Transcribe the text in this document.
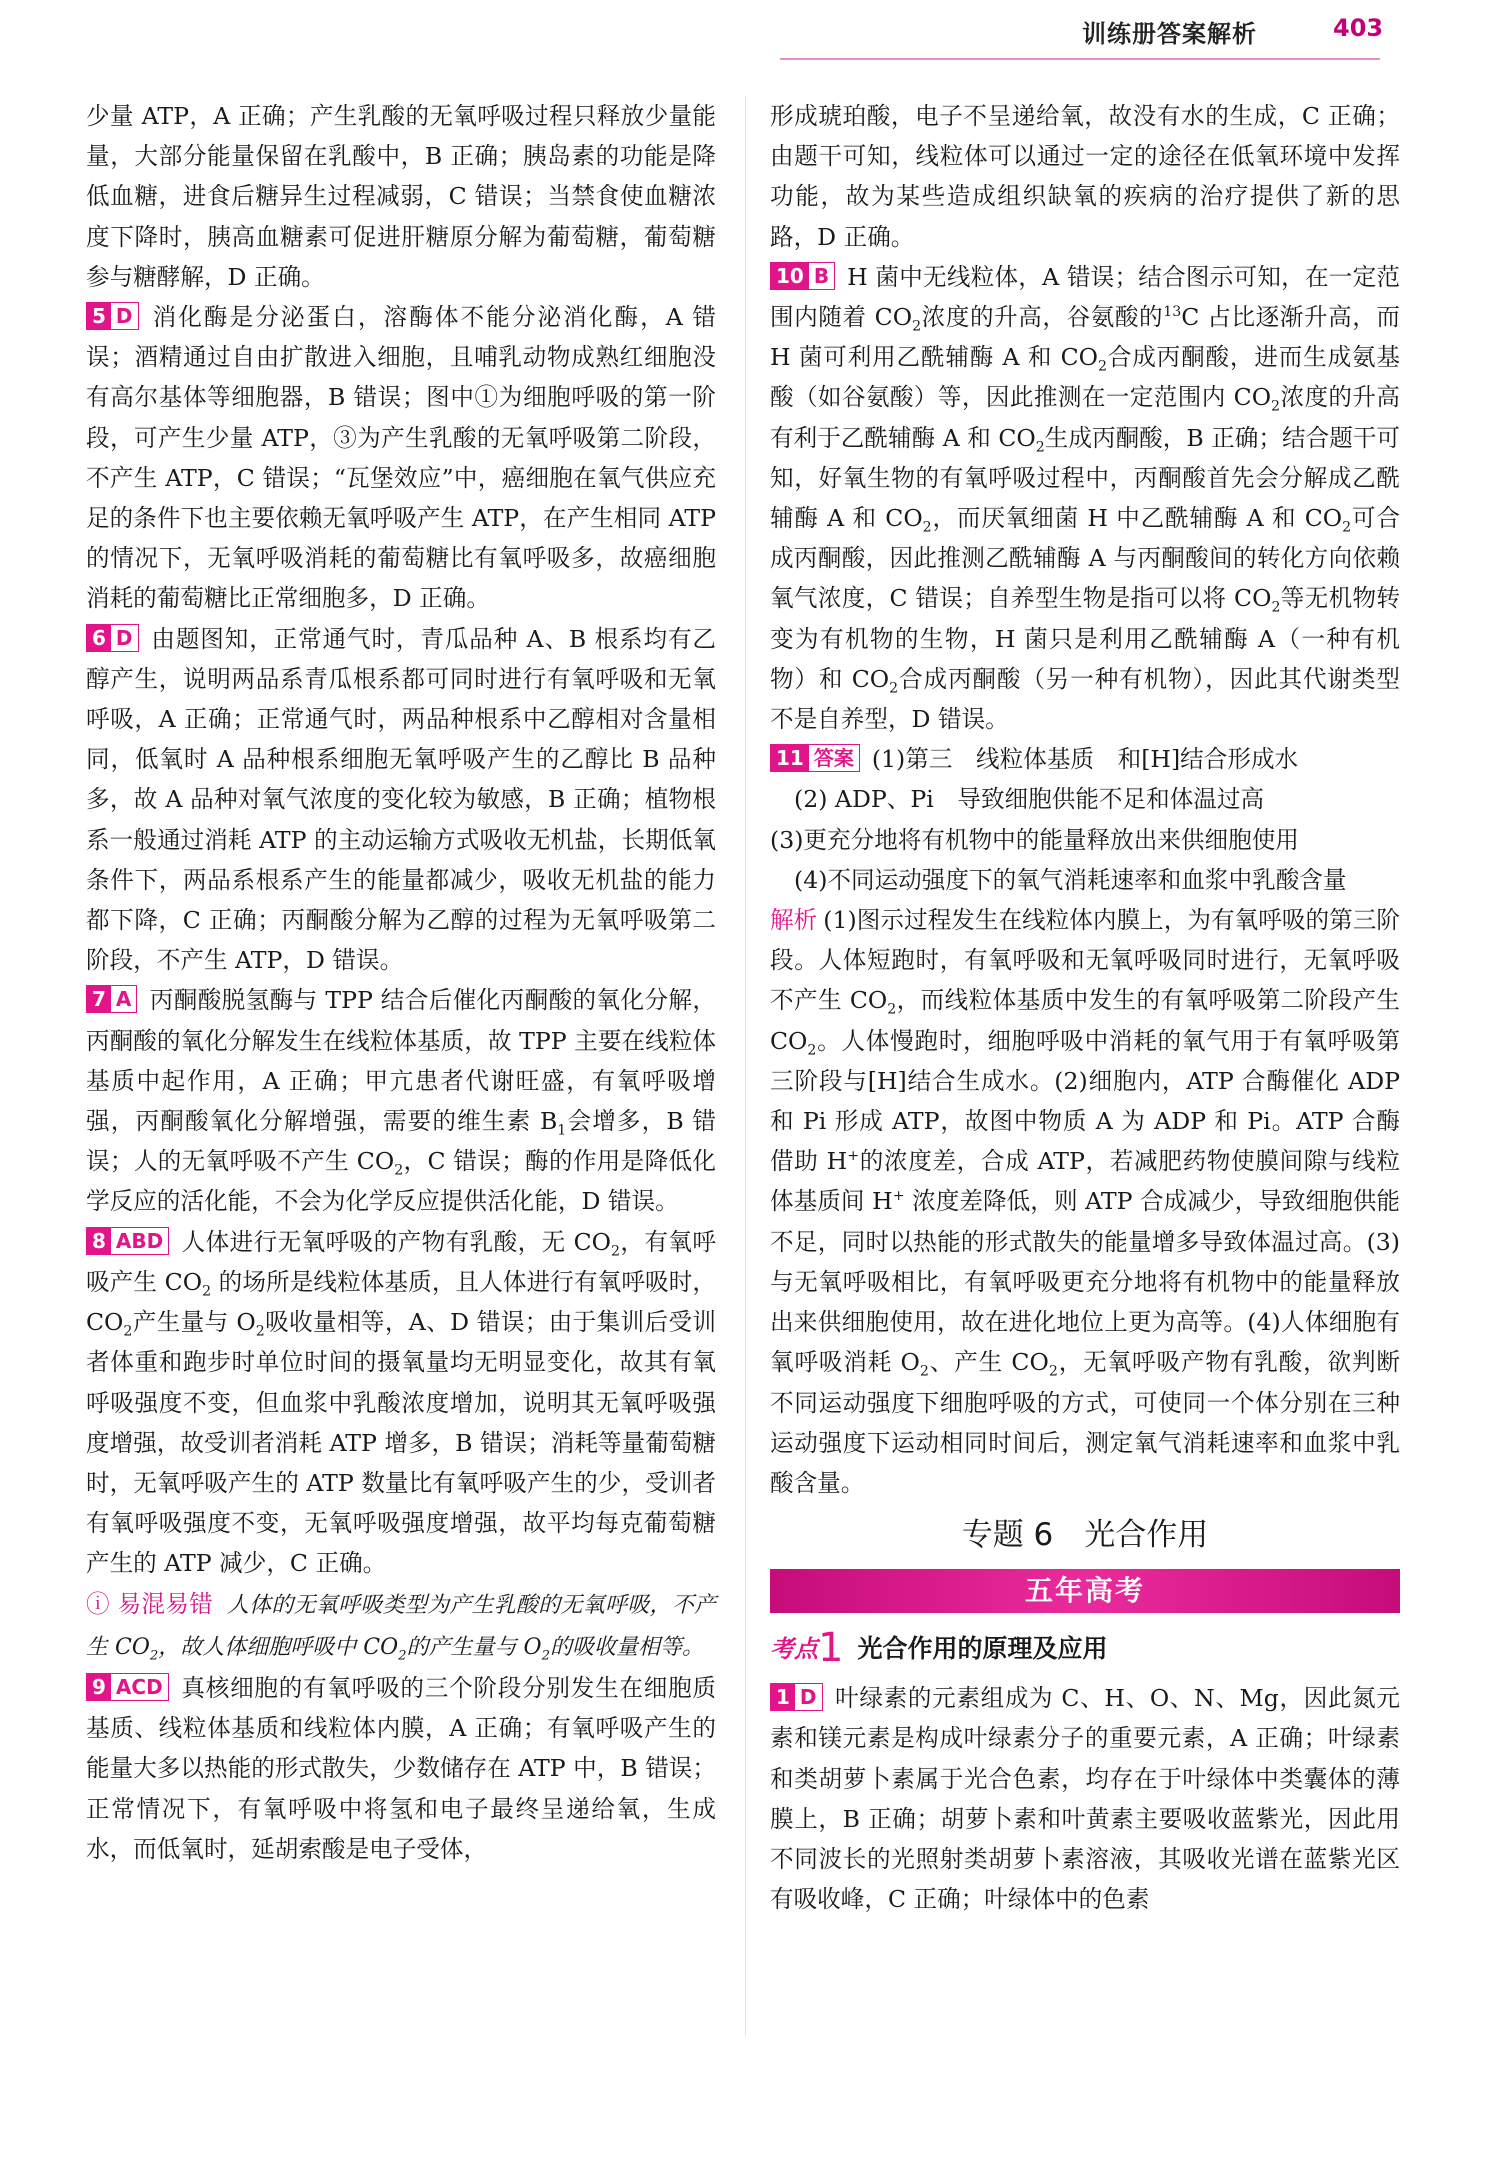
训练册答案解析	403

少量 ATP，A 正确；产生乳酸的无氧呼吸过程只释放少量能量，大部分能量保留在乳酸中，B 正确；胰岛素的功能是降低血糖，进食后糖异生过程减弱，C 错误；当禁食使血糖浓度下降时，胰高血糖素可促进肝糖原分解为葡萄糖，葡萄糖参与糖酵解，D 正确。

5 D 消化酶是分泌蛋白，溶酶体不能分泌消化酶，A 错误；酒精通过自由扩散进入细胞，且哺乳动物成熟红细胞没有高尔基体等细胞器，B 错误；图中①为细胞呼吸的第一阶段，可产生少量 ATP，③为产生乳酸的无氧呼吸第二阶段，不产生 ATP，C 错误；“瓦堡效应”中，癌细胞在氧气供应充足的条件下也主要依赖无氧呼吸产生 ATP，在产生相同 ATP 的情况下，无氧呼吸消耗的葡萄糖比有氧呼吸多，故癌细胞消耗的葡萄糖比正常细胞多，D 正确。

6 D 由题图知，正常通气时，青瓜品种 A、B 根系均有乙醇产生，说明两品系青瓜根系都可同时进行有氧呼吸和无氧呼吸，A 正确；正常通气时，两品种根系中乙醇相对含量相同，低氧时 A 品种根系细胞无氧呼吸产生的乙醇比 B 品种多，故 A 品种对氧气浓度的变化较为敏感，B 正确；植物根系一般通过消耗 ATP 的主动运输方式吸收无机盐，长期低氧条件下，两品系根系产生的能量都减少，吸收无机盐的能力都下降，C 正确；丙酮酸分解为乙醇的过程为无氧呼吸第二阶段，不产生 ATP，D 错误。

7 A 丙酮酸脱氢酶与 TPP 结合后催化丙酮酸的氧化分解，丙酮酸的氧化分解发生在线粒体基质，故 TPP 主要在线粒体基质中起作用，A 正确；甲亢患者代谢旺盛，有氧呼吸增强，丙酮酸氧化分解增强，需要的维生素 $B_1$会增多，B 错误；人的无氧呼吸不产生 $CO_2$，C 错误；酶的作用是降低化学反应的活化能，不会为化学反应提供活化能，D 错误。

8 ABD 人体进行无氧呼吸的产物有乳酸，无 $CO_2$，有氧呼吸产生 $CO_2$ 的场所是线粒体基质，且人体进行有氧呼吸时，$CO_2$产生量与 $O_2$吸收量相等，A、D 错误；由于集训后受训者体重和跑步时单位时间的摄氧量均无明显变化，故其有氧呼吸强度不变，但血浆中乳酸浓度增加，说明其无氧呼吸强度增强，故受训者消耗 ATP 增多，B 错误；消耗等量葡萄糖时，无氧呼吸产生的 ATP 数量比有氧呼吸产生的少，受训者有氧呼吸强度不变，无氧呼吸强度增强，故平均每克葡萄糖产生的 ATP 减少，C 正确。

ⓘ 易混易错 人体的无氧呼吸类型为产生乳酸的无氧呼吸，不产生 $CO_2$，故人体细胞呼吸中 $CO_2$的产生量与 $O_2$的吸收量相等。

9 ACD 真核细胞的有氧呼吸的三个阶段分别发生在细胞质基质、线粒体基质和线粒体内膜，A 正确；有氧呼吸产生的能量大多以热能的形式散失，少数储存在 ATP 中，B 错误；正常情况下，有氧呼吸中将氢和电子最终呈递给氧，生成水，而低氧时，延胡索酸是电子受体，

形成琥珀酸，电子不呈递给氧，故没有水的生成，C 正确；由题干可知，线粒体可以通过一定的途径在低氧环境中发挥功能，故为某些造成组织缺氧的疾病的治疗提供了新的思路，D 正确。

10 B H 菌中无线粒体，A 错误；结合图示可知，在一定范围内随着 $CO_2$浓度的升高，谷氨酸的$^{13}$C 占比逐渐升高，而 H 菌可利用乙酰辅酶 A 和 $CO_2$合成丙酮酸，进而生成氨基酸（如谷氨酸）等，因此推测在一定范围内 $CO_2$浓度的升高有利于乙酰辅酶 A 和 $CO_2$生成丙酮酸，B 正确；结合题干可知，好氧生物的有氧呼吸过程中，丙酮酸首先会分解成乙酰辅酶 A 和 $CO_2$，而厌氧细菌 H 中乙酰辅酶 A 和 $CO_2$可合成丙酮酸，因此推测乙酰辅酶 A 与丙酮酸间的转化方向依赖氧气浓度，C 错误；自养型生物是指可以将 $CO_2$等无机物转变为有机物的生物，H 菌只是利用乙酰辅酶 A（一种有机物）和 $CO_2$合成丙酮酸（另一种有机物），因此其代谢类型不是自养型，D 错误。

11 答案 (1)第三　线粒体基质　和[H]结合形成水

(2) ADP、Pi　导致细胞供能不足和体温过高

(3)更充分地将有机物中的能量释放出来供细胞使用

(4)不同运动强度下的氧气消耗速率和血浆中乳酸含量

解析 (1)图示过程发生在线粒体内膜上，为有氧呼吸的第三阶段。人体短跑时，有氧呼吸和无氧呼吸同时进行，无氧呼吸不产生 $CO_2$，而线粒体基质中发生的有氧呼吸第二阶段产生 $CO_2$。人体慢跑时，细胞呼吸中消耗的氧气用于有氧呼吸第三阶段与[H]结合生成水。(2)细胞内，ATP 合酶催化 ADP 和 Pi 形成 ATP，故图中物质 A 为 ADP 和 Pi。ATP 合酶借助 H+的浓度差，合成 ATP，若减肥药物使膜间隙与线粒体基质间 H+ 浓度差降低，则 ATP 合成减少，导致细胞供能不足，同时以热能的形式散失的能量增多导致体温过高。(3)与无氧呼吸相比，有氧呼吸更充分地将有机物中的能量释放出来供细胞使用，故在进化地位上更为高等。(4)人体细胞有氧呼吸消耗 $O_2$、产生 $CO_2$，无氧呼吸产物有乳酸，欲判断不同运动强度下细胞呼吸的方式，可使同一个体分别在三种运动强度下运动相同时间后，测定氧气消耗速率和血浆中乳酸含量。

专题 6　光合作用
五年高考
考点1 光合作用的原理及应用

1 D 叶绿素的元素组成为 C、H、O、N、Mg，因此氮元素和镁元素是构成叶绿素分子的重要元素，A 正确；叶绿素和类胡萝卜素属于光合色素，均存在于叶绿体中类囊体的薄膜上，B 正确；胡萝卜素和叶黄素主要吸收蓝紫光，因此用不同波长的光照射类胡萝卜素溶液，其吸收光谱在蓝紫光区有吸收峰，C 正确；叶绿体中的色素
